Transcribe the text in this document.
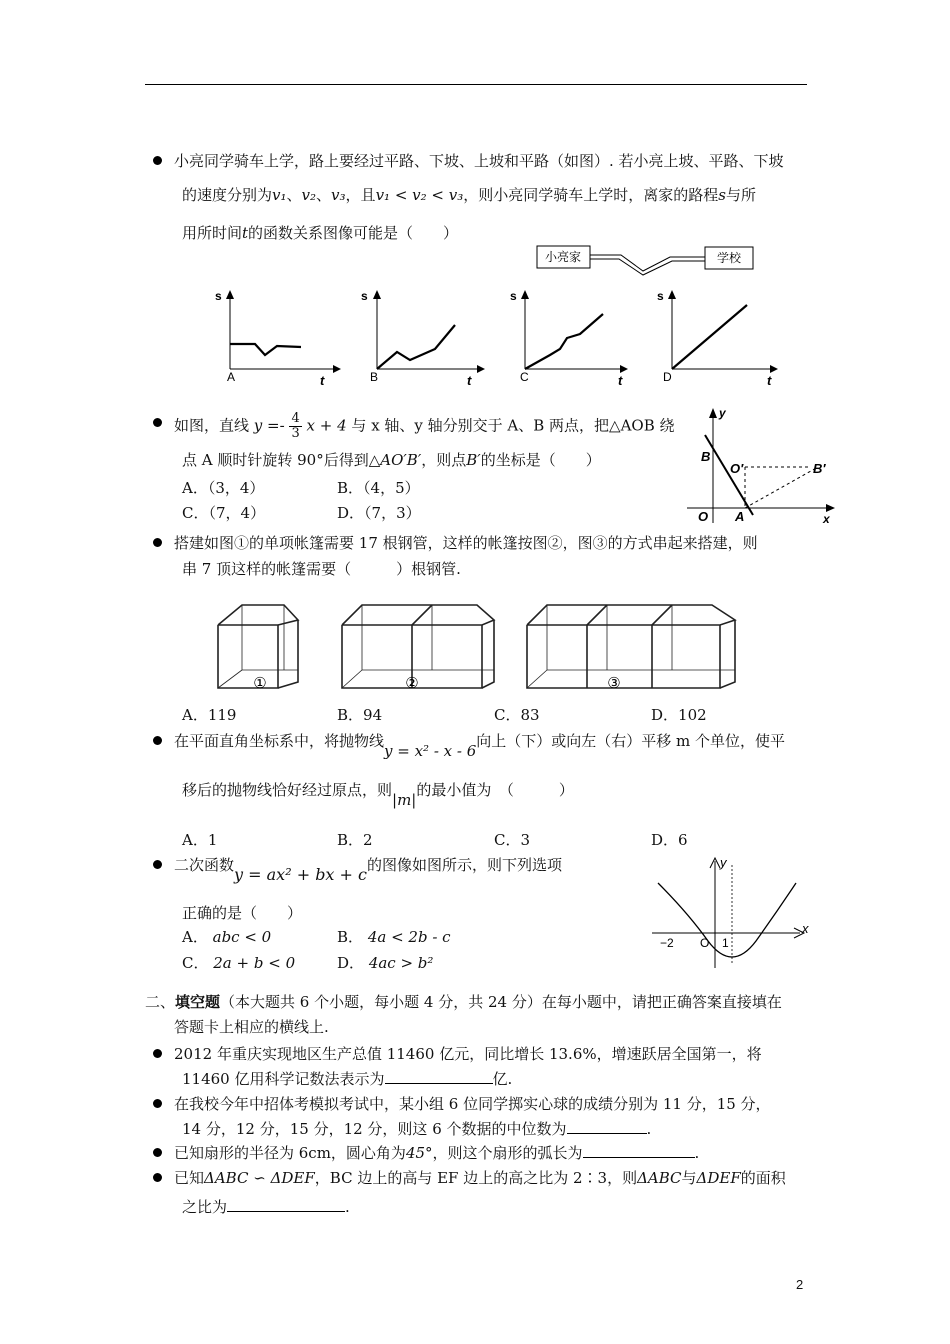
小亮同学骑车上学，路上要经过平路、下坡、上坡和平路（如图）. 若小亮上坡、平路、下坡
的速度分别为v₁、v₂、v₃，且v₁ < v₂ < v₃，则小亮同学骑车上学时，离家的路程s与所
用所时间t的函数关系图像可能是（　　）
小亮家	学校
s
t
A
s
t
B
s
t
C
s
t
D
如图，直线 $y =- \frac{4}{3}$ x + 4 与 x 轴、y 轴分别交于 A、B 两点，把△AOB 绕
点 A 顺时针旋转 90°后得到△AO′B′，则点B′的坐标是（　　）
A．（3，4）	B．（4，5）
C．（7，4）	D．（7，3）
y
x
B
O′	B′
O A
搭建如图①的单项帐篷需要 17 根钢管，这样的帐篷按图②，图③的方式串起来搭建，则
串 7 顶这样的帐篷需要（　　　）根钢管.
①	②	③
A．119	B．94	C．83	D．102
在平面直角坐标系中，将抛物线y = x² - x - 6向上（下）或向左（右）平移 m 个单位，使平
移后的抛物线恰好经过原点，则|m|的最小值为　（　　　）
A．1	B．2	C．3	D．6
二次函数y = ax² + bx + c的图像如图所示，则下列选项
正确的是（　　）
A． abc < 0	B． 4a < 2b - c
C． 2a + b < 0	D． 4ac > b²
y
x
−2 O 1
二、填空题（本大题共 6 个小题，每小题 4 分，共 24 分）在每小题中，请把正确答案直接填在
答题卡上相应的横线上.
2012 年重庆实现地区生产总值 11460 亿元，同比增长 13.6%，增速跃居全国第一，将
11460 亿用科学记数法表示为	亿.
在我校今年中招体考模拟考试中，某小组 6 位同学掷实心球的成绩分别为 11 分，15 分，
14 分，12 分，15 分，12 分，则这 6 个数据的中位数为	.
已知扇形的半径为 6cm，圆心角为45°，则这个扇形的弧长为	.
已知ΔABC ∽ ΔDEF，BC 边上的高与 EF 边上的高之比为 2∶3，则ΔABC与ΔDEF的面积
之比为	.
2
